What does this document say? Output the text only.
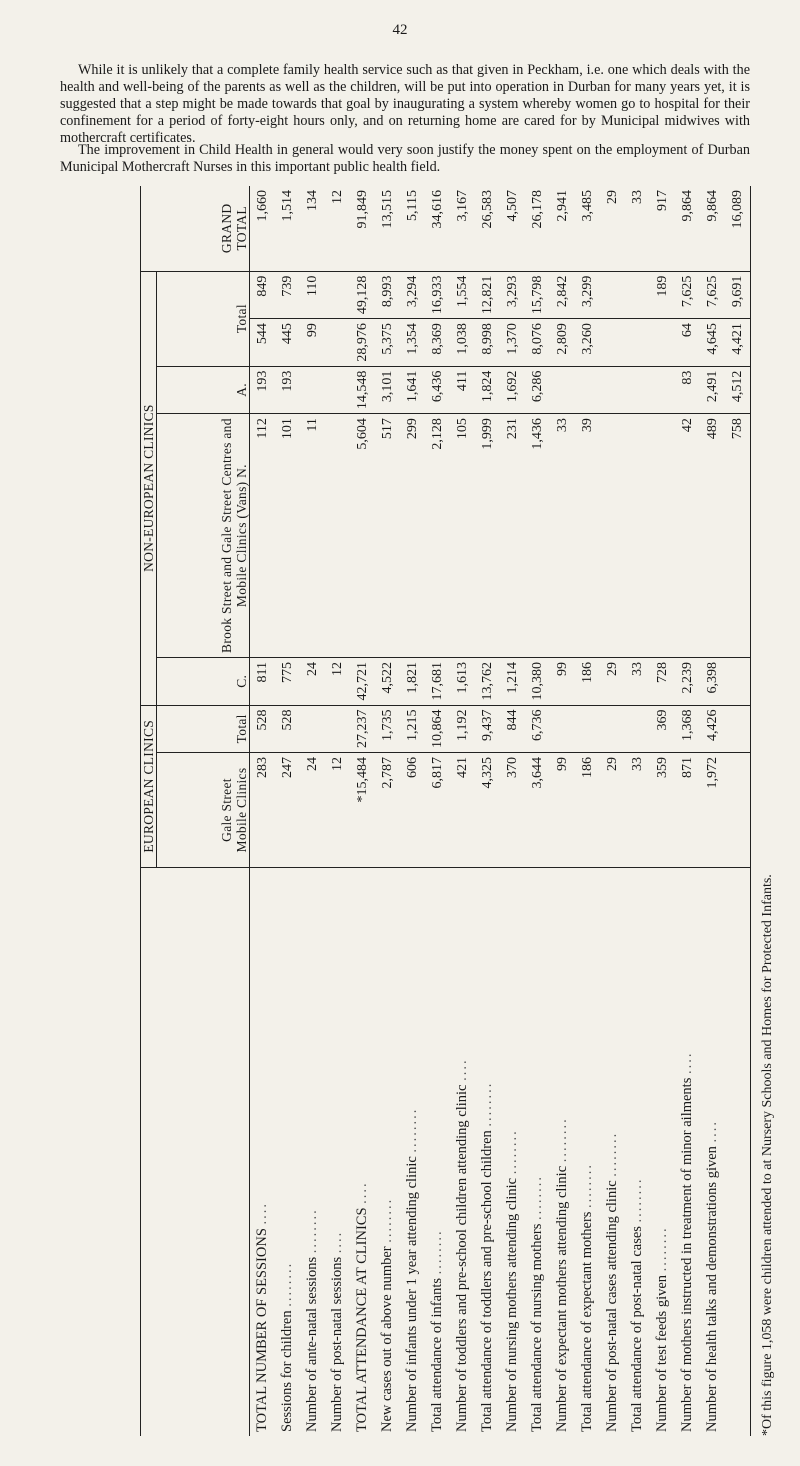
42
While it is unlikely that a complete family health service such as that given in Peckham, i.e. one which deals with the health and well-being of the parents as well as the children, will be put into operation in Durban for many years yet, it is suggested that a step might be made towards that goal by inaugurating a system whereby women go to hospital for their confinement for a period of forty-eight hours only, and on returning home are cared for by Municipal midwives with mothercraft certificates.
The improvement in Child Health in general would very soon justify the money spent on the employment of Durban Municipal Mothercraft Nurses in this important public health field.
	EUROPEAN CLINICS		NON-EUROPEAN CLINICS					GRAND TOTAL
	Gale Street Mobile Clinics	Total	C.	Brook Street and Gale Street Centres and Mobile Clinics (Vans) N.	A.	Total		
TOTAL NUMBER OF SESSIONS ....	283	528	811	112	193	544	849	1,660
Sessions for children ........	247	528	775	101	193	445	739	1,514
Number of ante-natal sessions ........	24		24	11		99	110	134
Number of post-natal sessions ....	12		12					12
TOTAL ATTENDANCE AT CLINICS ....	*15,484	27,237	42,721	5,604	14,548	28,976	49,128	91,849
New cases out of above number ........	2,787	1,735	4,522	517	3,101	5,375	8,993	13,515
Number of infants under 1 year attending clinic ........	606	1,215	1,821	299	1,641	1,354	3,294	5,115
Total attendance of infants ........	6,817	10,864	17,681	2,128	6,436	8,369	16,933	34,616
Number of toddlers and pre-school children attending clinic ....	421	1,192	1,613	105	411	1,038	1,554	3,167
Total attendance of toddlers and pre-school children ........	4,325	9,437	13,762	1,999	1,824	8,998	12,821	26,583
Number of nursing mothers attending clinic ........	370	844	1,214	231	1,692	1,370	3,293	4,507
Total attendance of nursing mothers ........	3,644	6,736	10,380	1,436	6,286	8,076	15,798	26,178
Number of expectant mothers attending clinic ........	99		99	33		2,809	2,842	2,941
Total attendance of expectant mothers ........	186		186	39		3,260	3,299	3,485
Number of post-natal cases attending clinic ........	29		29					29
Total attendance of post-natal cases ........	33		33					33
Number of test feeds given ........	359	369	728				189	917
Number of mothers instructed in treatment of minor ailments ....	871	1,368	2,239	42	83	64	7,625	9,864
Number of health talks and demonstrations given ....	1,972	4,426	6,398	489	2,491	4,645	7,625	9,864
				758	4,512	4,421	9,691	16,089
*Of this figure 1,058 were children attended to at Nursery Schools and Homes for Protected Infants.
